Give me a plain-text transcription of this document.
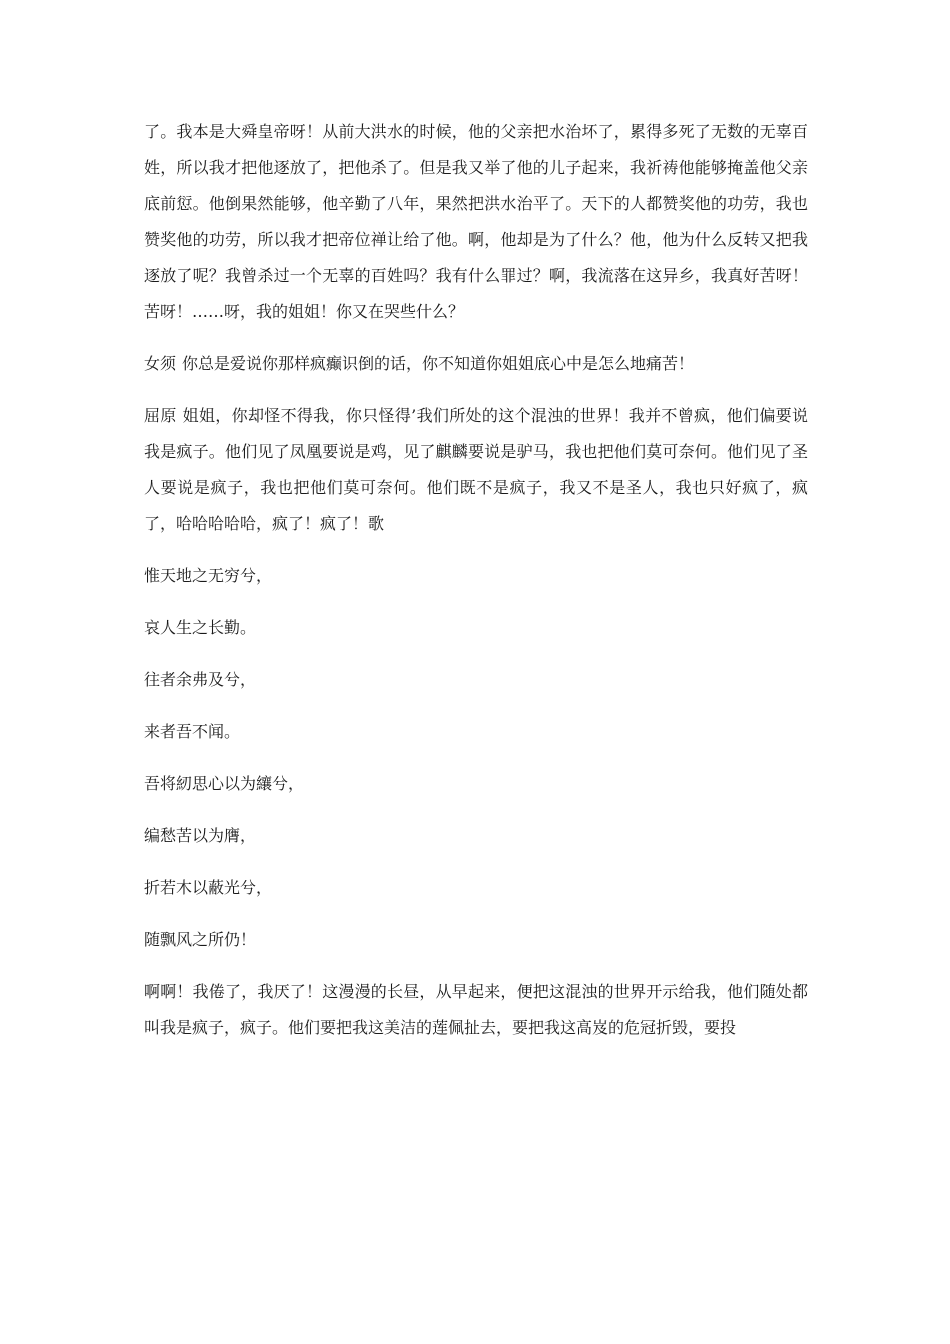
了。我本是大舜皇帝呀！从前大洪水的时候，他的父亲把水治坏了，累得多死了无数的无辜百姓，所以我才把他逐放了，把他杀了。但是我又举了他的儿子起来，我祈祷他能够掩盖他父亲底前愆。他倒果然能够，他辛勤了八年，果然把洪水治平了。天下的人都赞奖他的功劳，我也赞奖他的功劳，所以我才把帝位禅让给了他。啊，他却是为了什么？他，他为什么反转又把我逐放了呢？我曾杀过一个无辜的百姓吗？我有什么罪过？啊，我流落在这异乡，我真好苦呀！苦呀！……呀，我的姐姐！你又在哭些什么？

女须 你总是爱说你那样疯癫识倒的话，你不知道你姐姐底心中是怎么地痛苦！

屈原 姐姐，你却怪不得我，你只怪得’我们所处的这个混浊的世界！我并不曾疯，他们偏要说我是疯子。他们见了凤凰要说是鸡，见了麒麟要说是驴马，我也把他们莫可奈何。他们见了圣人要说是疯子，我也把他们莫可奈何。他们既不是疯子，我又不是圣人，我也只好疯了，疯了，哈哈哈哈哈，疯了！疯了！歌

惟天地之无穷兮，

哀人生之长勤。

往者余弗及兮，

来者吾不闻。

吾将紉思心以为纕兮，

编愁苦以为膺，

折若木以蔽光兮，

随飘风之所仍！

啊啊！我倦了，我厌了！这漫漫的长昼，从早起来，便把这混浊的世界开示给我，他们随处都叫我是疯子，疯子。他们要把我这美洁的莲佩扯去，要把我这高岌的危冠折毁，要投
